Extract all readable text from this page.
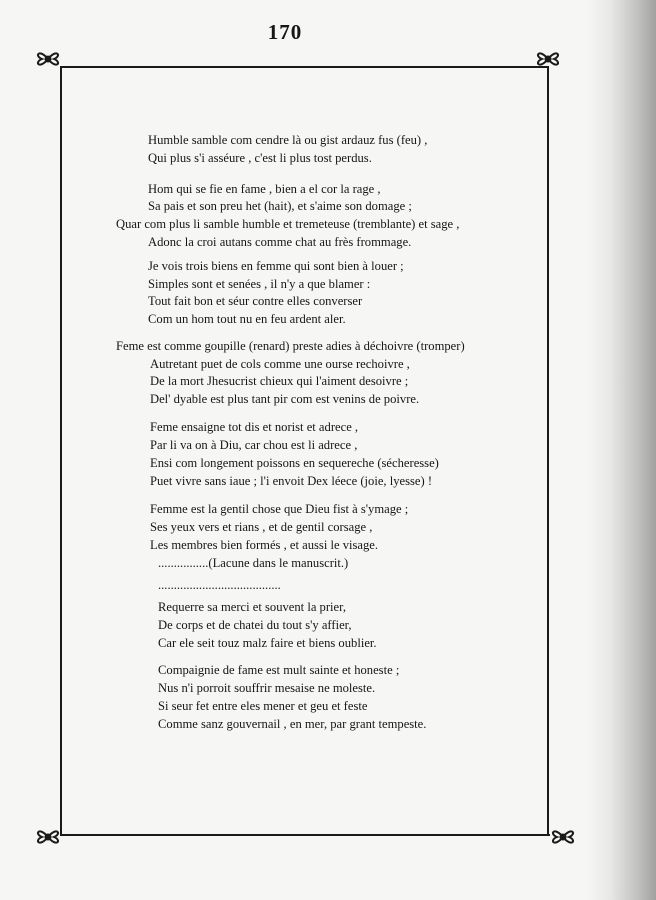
170
Humble samble com cendre là ou gist ardauz fus (feu) ,
Qui plus s'i asséure , c'est li plus tost perdus.
Hom qui se fie en fame , bien a el cor la rage ,
Sa pais et son preu het (hait), et s'aime son domage ;
Quar com plus li samble humble et tremeteuse (tremblante) et sage ,
Adonc la croi autans comme chat au frès frommage.
Je vois trois biens en femme qui sont bien à louer ;
Simples sont et senées , il n'y a que blamer :
Tout fait bon et séur contre elles converser
Com un hom tout nu en feu ardent aler.
Feme est comme goupille (renard) preste adies à déchoivre (tromper)
Autretant puet de cols comme une ourse rechoivre ,
De la mort Jhesucrist chieux qui l'aiment desoivre ;
Del' dyable est plus tant pir com est venins de poivre.
Feme ensaigne tot dis et norist et adrece ,
Par li va on à Diu, car chou est li adrece ,
Ensi com longement poissons en sequereche (sécheresse)
Puet vivre sans iaue ; l'i envoit Dex léece (joie, lyesse) !
Femme est la gentil chose que Dieu fist à s'ymage ;
Ses yeux vers et rians , et de gentil corsage ,
Les membres bien formés , et aussi le visage.
................(Lacune dans le manuscrit.)
.......................................
Requerre sa merci et souvent la prier,
De corps et de chatei du tout s'y affier,
Car ele seit touz malz faire et biens oublier.
Compaignie de fame est mult sainte et honeste ;
Nus n'i porroit souffrir mesaise ne moleste.
Si seur fet entre eles mener et geu et feste
Comme sanz gouvernail , en mer, par grant tempeste.
